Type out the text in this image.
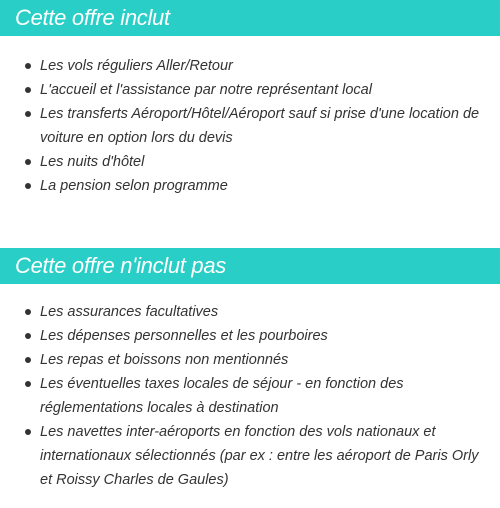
Cette offre inclut
Les vols réguliers Aller/Retour
L'accueil et l'assistance par notre représentant local
Les transferts Aéroport/Hôtel/Aéroport sauf si prise d'une location de voiture en option lors du devis
Les nuits d'hôtel
La pension selon programme
Cette offre n'inclut pas
Les assurances facultatives
Les dépenses personnelles et les pourboires
Les repas et boissons non mentionnés
Les éventuelles taxes locales de séjour - en fonction des réglementations locales à destination
Les navettes inter-aéroports en fonction des vols nationaux et internationaux sélectionnés (par ex : entre les aéroport de Paris Orly et Roissy Charles de Gaules)
